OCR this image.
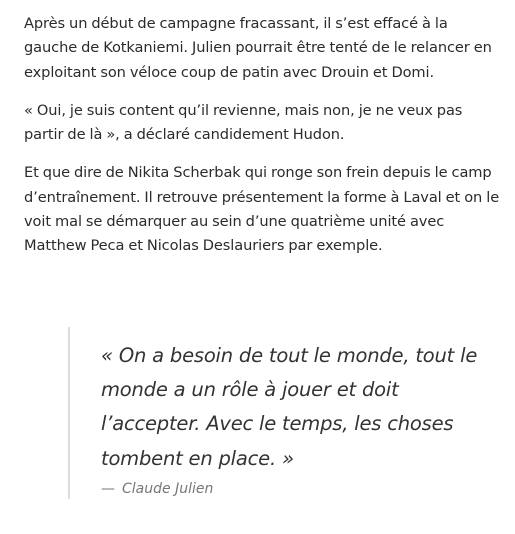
Après un début de campagne fracassant, il s’est effacé à la gauche de Kotkaniemi. Julien pourrait être tenté de le relancer en exploitant son véloce coup de patin avec Drouin et Domi.

« Oui, je suis content qu’il revienne, mais non, je ne veux pas partir de là », a déclaré candidement Hudon.

Et que dire de Nikita Scherbak qui ronge son frein depuis le camp d’entraînement. Il retrouve présentement la forme à Laval et on le voit mal se démarquer au sein d’une quatrième unité avec Matthew Peca et Nicolas Deslauriers par exemple.

« On a besoin de tout le monde, tout le monde a un rôle à jouer et doit l’accepter. Avec le temps, les choses tombent en place. »

— Claude Julien
